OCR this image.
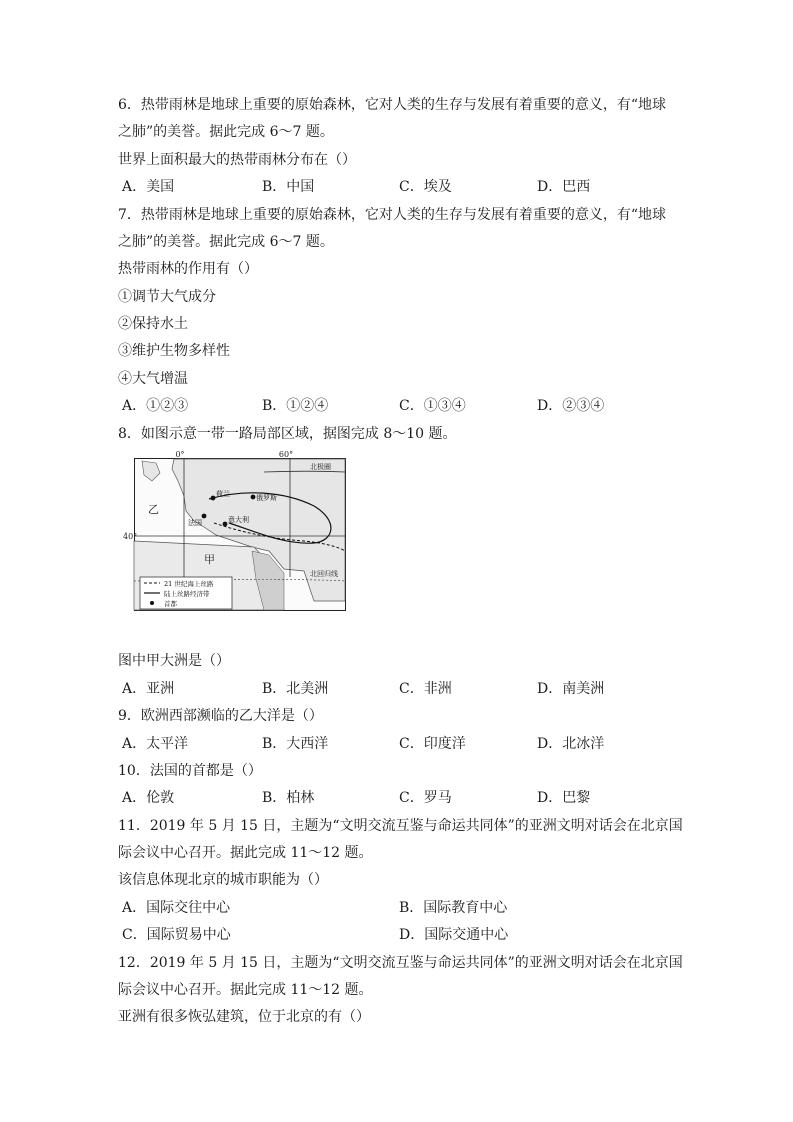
6．热带雨林是地球上重要的原始森林，它对人类的生存与发展有着重要的意义，有“地球
之肺”的美誉。据此完成 6～7 题。
世界上面积最大的热带雨林分布在（）
A．美国	B．中国	C．埃及	D．巴西
7．热带雨林是地球上重要的原始森林，它对人类的生存与发展有着重要的意义，有“地球
之肺”的美誉。据此完成 6～7 题。
热带雨林的作用有（）
①调节大气成分
②保持水土
③维护生物多样性
④大气增温
A．①②③	B．①②④	C．①③④	D．②③④
8．如图示意一带一路局部区域，据图完成 8～10 题。
0°	60°
40°
北极圈
北回归线
乙
甲
荷兰	俄罗斯
法国	意大利
21 世纪海上丝路
陆上丝路经济带
首都
图中甲大洲是（）
A．亚洲	B．北美洲	C．非洲	D．南美洲
9．欧洲西部濒临的乙大洋是（）
A．太平洋	B．大西洋	C．印度洋	D．北冰洋
10．法国的首都是（）
A．伦敦	B．柏林	C．罗马	D．巴黎
11．2019 年 5 月 15 日，主题为“文明交流互鉴与命运共同体”的亚洲文明对话会在北京国
际会议中心召开。据此完成 11～12 题。
该信息体现北京的城市职能为（）
A．国际交往中心	B．国际教育中心
C．国际贸易中心	D．国际交通中心
12．2019 年 5 月 15 日，主题为“文明交流互鉴与命运共同体”的亚洲文明对话会在北京国
际会议中心召开。据此完成 11～12 题。
亚洲有很多恢弘建筑，位于北京的有（）
